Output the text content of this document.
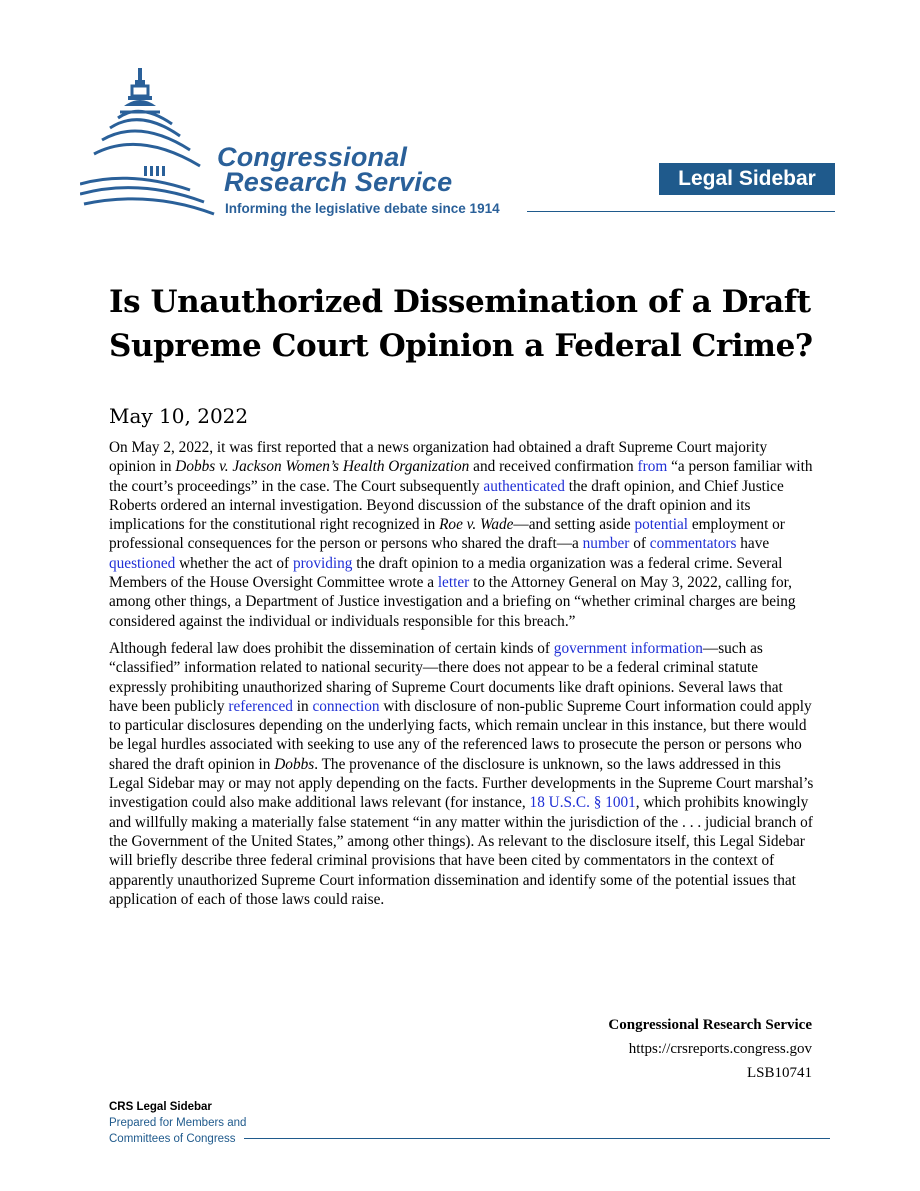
Congressional
Research Service
Informing the legislative debate since 1914
Legal Sidebar
Is Unauthorized Dissemination of a Draft Supreme Court Opinion a Federal Crime?
May 10, 2022

On May 2, 2022, it was first reported that a news organization had obtained a draft Supreme Court majority opinion in Dobbs v. Jackson Women’s Health Organization and received confirmation from “a person familiar with the court’s proceedings” in the case. The Court subsequently authenticated the draft opinion, and Chief Justice Roberts ordered an internal investigation. Beyond discussion of the substance of the draft opinion and its implications for the constitutional right recognized in Roe v. Wade—and setting aside potential employment or professional consequences for the person or persons who shared the draft—a number of commentators have questioned whether the act of providing the draft opinion to a media organization was a federal crime. Several Members of the House Oversight Committee wrote a letter to the Attorney General on May 3, 2022, calling for, among other things, a Department of Justice investigation and a briefing on “whether criminal charges are being considered against the individual or individuals responsible for this breach.”

Although federal law does prohibit the dissemination of certain kinds of government information—such as “classified” information related to national security—there does not appear to be a federal criminal statute expressly prohibiting unauthorized sharing of Supreme Court documents like draft opinions. Several laws that have been publicly referenced in connection with disclosure of non-public Supreme Court information could apply to particular disclosures depending on the underlying facts, which remain unclear in this instance, but there would be legal hurdles associated with seeking to use any of the referenced laws to prosecute the person or persons who shared the draft opinion in Dobbs. The provenance of the disclosure is unknown, so the laws addressed in this Legal Sidebar may or may not apply depending on the facts. Further developments in the Supreme Court marshal’s investigation could also make additional laws relevant (for instance, 18 U.S.C. § 1001, which prohibits knowingly and willfully making a materially false statement “in any matter within the jurisdiction of the . . . judicial branch of the Government of the United States,” among other things). As relevant to the disclosure itself, this Legal Sidebar will briefly describe three federal criminal provisions that have been cited by commentators in the context of apparently unauthorized Supreme Court information dissemination and identify some of the potential issues that application of each of those laws could raise.

Congressional Research Service
https://crsreports.congress.gov
LSB10741
CRS Legal Sidebar
Prepared for Members and
Committees of Congress
